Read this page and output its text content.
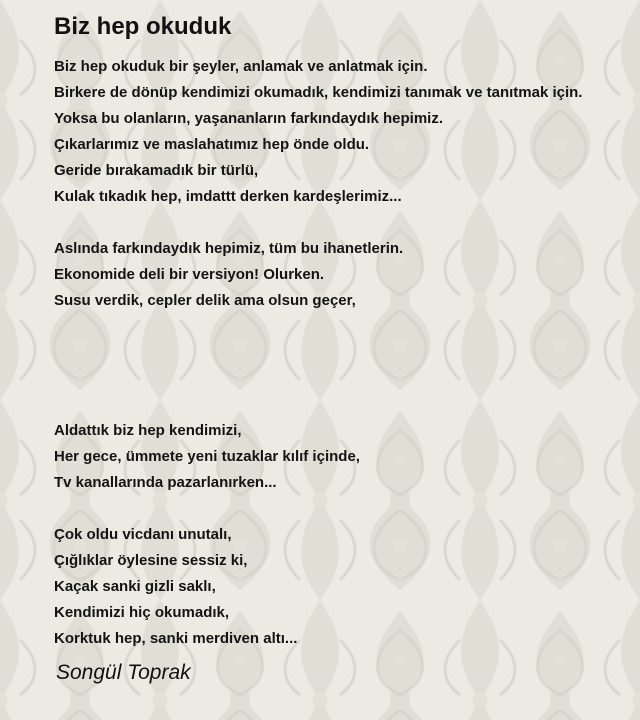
Biz hep okuduk
Biz hep okuduk bir şeyler, anlamak ve anlatmak için.
Birkere de dönüp kendimizi okumadık, kendimizi tanımak ve tanıtmak için.
Yoksa bu olanların, yaşananların farkındaydık hepimiz.
Çıkarlarımız ve maslahatımız hep önde oldu.
Geride bırakamadık bir türlü,
Kulak tıkadık hep, imdattt derken kardeşlerimiz...
Aslında farkındaydık hepimiz, tüm bu ihanetlerin.
Ekonomide deli bir versiyon! Olurken.
Susu verdik, cepler delik ama olsun geçer,
Aldattık biz hep kendimizi,
Her gece, ümmete yeni tuzaklar kılıf içinde,
Tv kanallarında pazarlanırken...
Çok oldu vicdanı unutalı,
Çığlıklar öylesine sessiz ki,
Kaçak sanki gizli saklı,
Kendimizi hiç okumadık,
Korktuk hep, sanki merdiven altı...
Songül Toprak
